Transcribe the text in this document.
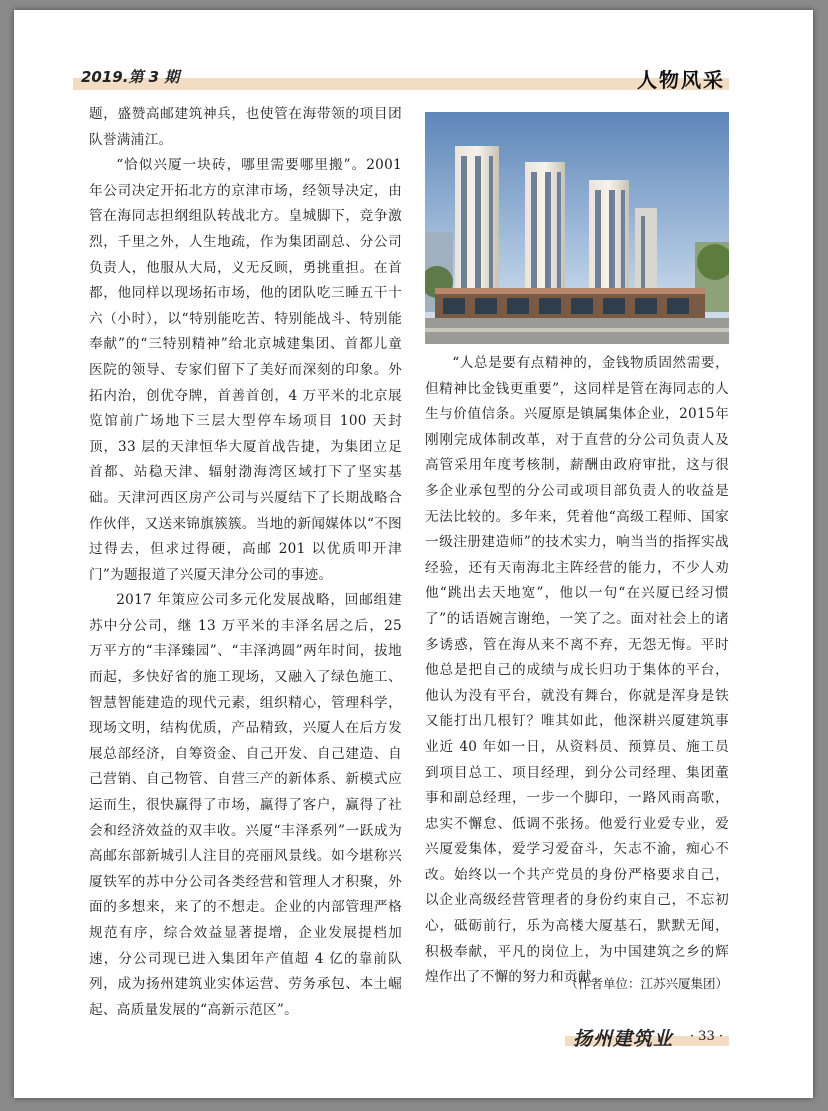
2019.第 3 期	人物风采

题，盛赞高邮建筑神兵，也使管在海带领的项目团队誉满浦江。

“恰似兴厦一块砖，哪里需要哪里搬”。2001年公司决定开拓北方的京津市场，经领导决定，由管在海同志担纲组队转战北方。皇城脚下，竞争激烈，千里之外，人生地疏，作为集团副总、分公司负责人，他服从大局，义无反顾，勇挑重担。在首都，他同样以现场拓市场，他的团队吃三睡五干十六（小时），以“特别能吃苦、特别能战斗、特别能奉献”的“三特别精神”给北京城建集团、首都儿童医院的领导、专家们留下了美好而深刻的印象。外拓内治，创优夺牌，首善首创，4 万平米的北京展览馆前广场地下三层大型停车场项目 100 天封顶，33 层的天津恒华大厦首战告捷，为集团立足首都、站稳天津、辐射渤海湾区域打下了坚实基础。天津河西区房产公司与兴厦结下了长期战略合作伙伴，又送来锦旗簇簇。当地的新闻媒体以“不图过得去，但求过得硬，高邮 201 以优质叩开津门”为题报道了兴厦天津分公司的事迹。

2017 年策应公司多元化发展战略，回邮组建苏中分公司，继 13 万平米的丰泽名居之后，25 万平方的“丰泽臻园”、“丰泽鸿圆”两年时间，拔地而起，多快好省的施工现场，又融入了绿色施工、智慧智能建造的现代元素，组织精心，管理科学，现场文明，结构优质，产品精致，兴厦人在后方发展总部经济，自筹资金、自己开发、自己建造、自己营销、自己物管、自营三产的新体系、新模式应运而生，很快赢得了市场，赢得了客户，赢得了社会和经济效益的双丰收。兴厦“丰泽系列”一跃成为高邮东部新城引人注目的亮丽风景线。如今堪称兴厦铁军的苏中分公司各类经营和管理人才积聚，外面的多想来，来了的不想走。企业的内部管理严格规范有序，综合效益显著提增，企业发展提档加速，分公司现已进入集团年产值超 4 亿的靠前队列，成为扬州建筑业实体运营、劳务承包、本土崛起、高质量发展的“高新示范区”。

“人总是要有点精神的，金钱物质固然需要，但精神比金钱更重要”，这同样是管在海同志的人生与价值信条。兴厦原是镇属集体企业，2015年刚刚完成体制改革，对于直营的分公司负责人及高管采用年度考核制，薪酬由政府审批，这与很多企业承包型的分公司或项目部负责人的收益是无法比较的。多年来，凭着他“高级工程师、国家一级注册建造师”的技术实力，响当当的指挥实战经验，还有天南海北主阵经营的能力，不少人劝他“跳出去天地宽”，他以一句“在兴厦已经习惯了”的话语婉言谢绝，一笑了之。面对社会上的诸多诱惑，管在海从来不离不弃，无怨无悔。平时他总是把自己的成绩与成长归功于集体的平台，他认为没有平台，就没有舞台，你就是浑身是铁又能打出几根钉？唯其如此，他深耕兴厦建筑事业近 40 年如一日，从资料员、预算员、施工员到项目总工、项目经理，到分公司经理、集团董事和副总经理，一步一个脚印，一路风雨高歌，忠实不懈怠、低调不张扬。他爱行业爱专业，爱兴厦爱集体，爱学习爱奋斗，矢志不渝，痴心不改。始终以一个共产党员的身份严格要求自己，以企业高级经营管理者的身份约束自己，不忘初心，砥砺前行，乐为高楼大厦基石，默默无闻，积极奉献，平凡的岗位上，为中国建筑之乡的辉煌作出了不懈的努力和贡献。

（作者单位：江苏兴厦集团）
扬州建筑业 · 33 ·
